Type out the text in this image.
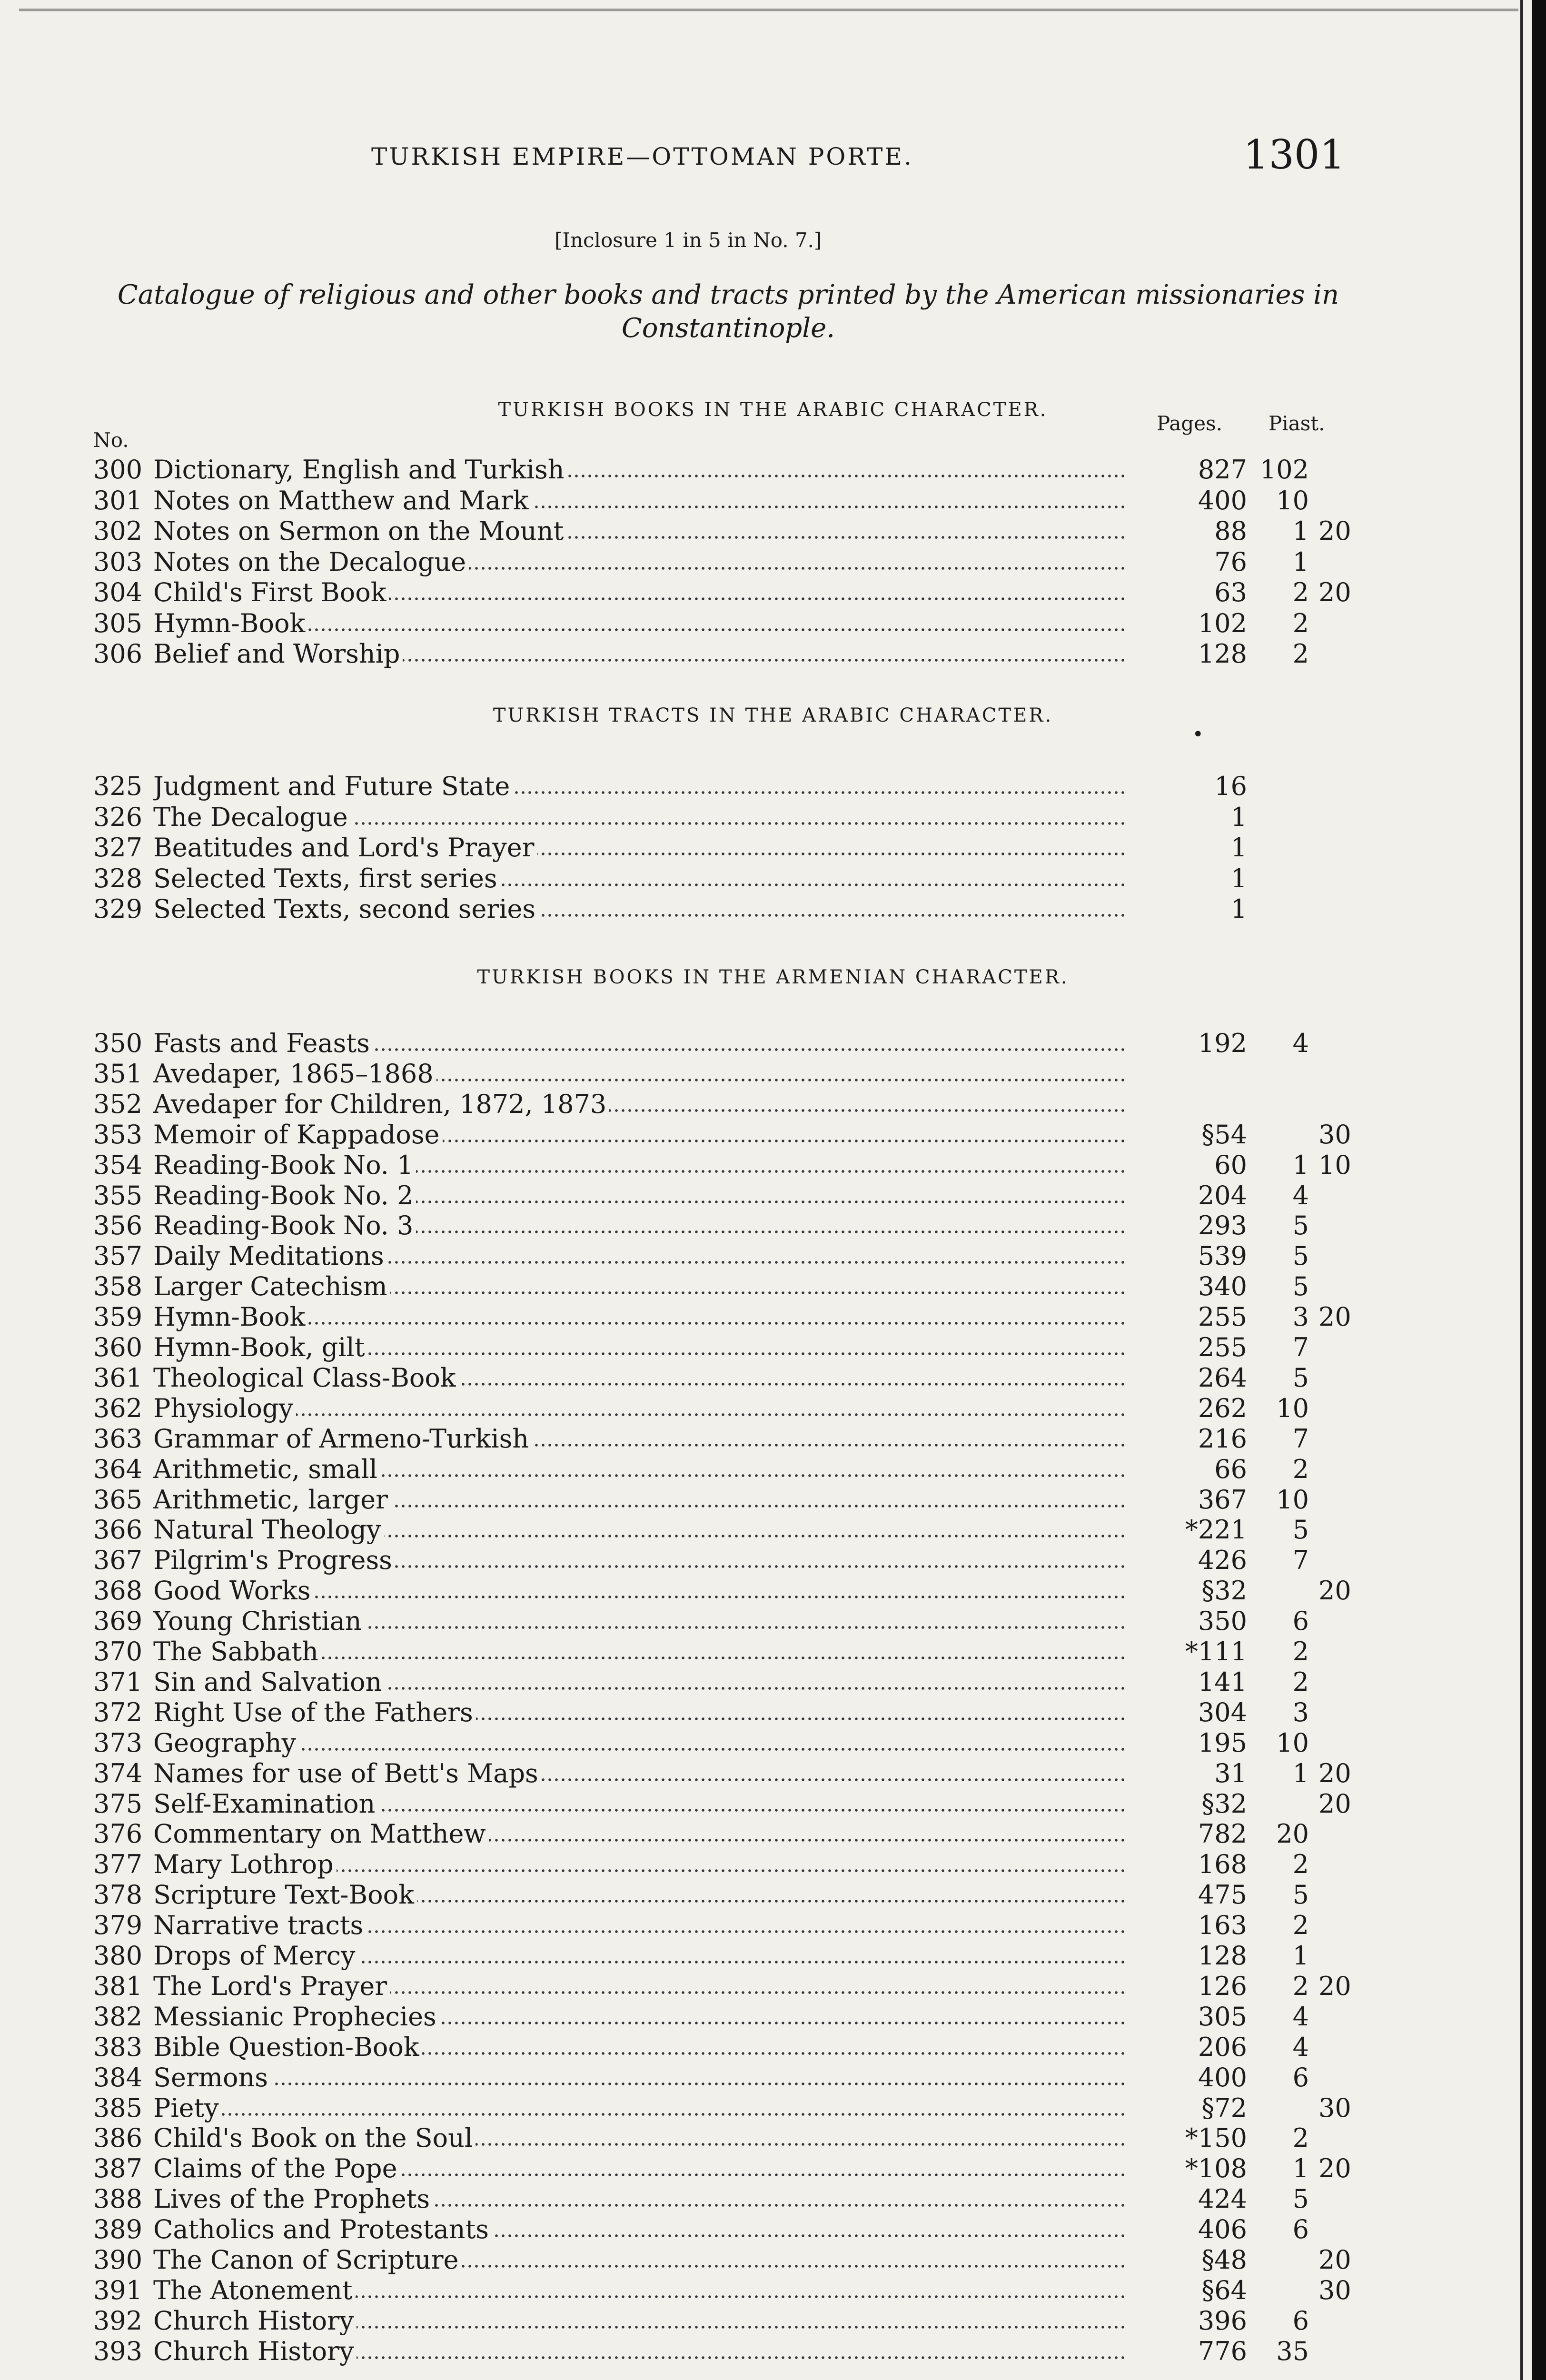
TURKISH EMPIRE—OTTOMAN PORTE.	1301
[Inclosure 1 in 5 in No. 7.]
Catalogue of religious and other books and tracts printed by the American missionaries in Constantinople.
TURKISH BOOKS IN THE ARABIC CHARACTER.
Pages. Piast.
No.
TURKISH TRACTS IN THE ARABIC CHARACTER.
•
TURKISH BOOKS IN THE ARMENIAN CHARACTER.
300 Dictionary, English and Turkish	827 102
301 Notes on Matthew and Mark	400	10
302 Notes on Sermon on the Mount	88	1 20
303 Notes on the Decalogue	76	1
304 Child's First Book	63	2 20
305 Hymn-Book	102	2
306 Belief and Worship	128	2
325 Judgment and Future State	16
326 The Decalogue	1
327 Beatitudes and Lord's Prayer	1
328 Selected Texts, first series	1
329 Selected Texts, second series	1
350 Fasts and Feasts	192	4
351 Avedaper, 1865–1868
352 Avedaper for Children, 1872, 1873
353 Memoir of Kappadose	§54	30
354 Reading-Book No. 1	60	1 10
355 Reading-Book No. 2	204	4
356 Reading-Book No. 3	293	5
357 Daily Meditations	539	5
358 Larger Catechism	340	5
359 Hymn-Book	255	3 20
360 Hymn-Book, gilt	255	7
361 Theological Class-Book	264	5
362 Physiology	262	10
363 Grammar of Armeno-Turkish	216	7
364 Arithmetic, small	66	2
365 Arithmetic, larger	367	10
366 Natural Theology	*221	5
367 Pilgrim's Progress	426	7
368 Good Works	§32	20
369 Young Christian	350	6
370 The Sabbath	*111	2
371 Sin and Salvation	141	2
372 Right Use of the Fathers	304	3
373 Geography	195	10
374 Names for use of Bett's Maps	31	1 20
375 Self-Examination	§32	20
376 Commentary on Matthew	782	20
377 Mary Lothrop	168	2
378 Scripture Text-Book	475	5
379 Narrative tracts	163	2
380 Drops of Mercy	128	1
381 The Lord's Prayer	126	2 20
382 Messianic Prophecies	305	4
383 Bible Question-Book	206	4
384 Sermons	400	6
385 Piety	§72	30
386 Child's Book on the Soul	*150	2
387 Claims of the Pope	*108	1 20
388 Lives of the Prophets	424	5
389 Catholics and Protestants	406	6
390 The Canon of Scripture	§48	20
391 The Atonement	§64	30
392 Church History	396	6
393 Church History	776	35
